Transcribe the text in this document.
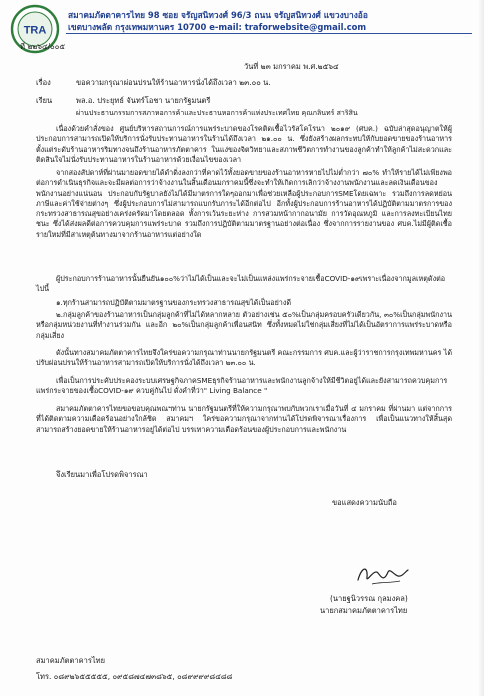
TRA
สมาคมภัตตาคารไทย 98 ซอย จรัญสนิทวงศ์ 96/3 ถนน จรัญสนิทวงศ์ แขวงบางอ้อ
เขตบางพลัด กรุงเทพมหานคร 10700 e-mail: traforwebsite@gmail.com
ที่ ๒๒๖๔/๐๐๕
วันที่ ๒๓ มกราคม พ.ศ.๒๕๖๔
เรื่อง	ขอความกรุณาผ่อนปรนให้ร้านอาหารนั่งได้ถึงเวลา ๒๓.๐๐ น.
เรียน	พล.อ. ประยุทธ์ จันทร์โอชา นายกรัฐมนตรี
ผ่านประธานกรรมการสภาหอการค้าและประธานหอการค้าแห่งประเทศไทย คุณกลินทร์ สาริสิน
เนื่องด้วยคำสั่งของ ศูนย์บริหารสถานการณ์การแพร่ระบาดของโรคติดเชื้อไวรัสโคโรนา ๒๐๑๙ (ศบค.) ฉบับล่าสุดอนุญาตให้ผู้ประกอบการสามารถเปิดให้บริการนั่งรับประทานอาหารในร้านได้ถึงเวลา ๒๑.๐๐ น. ซึ่งยังสร้างผลกระทบให้กับยอดขายของร้านอาหารตั้งแต่ระดับร้านอาหารริมทางจนถึงร้านอาหารภัตตาคาร ในแง่ของจิตวิทยาและสภาพชีวิตการทำงานของลูกค้าทำให้ลูกค้าไม่สะดวกและติดสินใจไม่นั่งรับประทานอาหารในร้านอาหารด้วยเงื่อนไขของเวลา
จากสองสัปดาห์ที่ผ่านมายอดขายได้ดำดิ่งลงกว่าที่คาดไว้ทั้งยอดขายของร้านอาหารหายไปไม่ต่ำกว่า ๗๐% ทำให้รายได้ไม่เพียงพอต่อการดำเนินธุรกิจและจะมีผลต่อการว่าจ้างงานในสิ้นเดือนมกราคมนี้ซึ่งจะทำให้เกิดการเลิกว่าจ้างงานพนักงานและลดเงินเดือนของพนักงานอย่างแน่นอน ประกอบกับรัฐบาลยังไม่ได้มีมาตรการใดๆออกมาเพื่อช่วยเหลือผู้ประกอบการSMEโดยเฉพาะ รวมถึงการลดหย่อนภาษีและค่าใช้จ่ายต่างๆ ซึ่งผู้ประกอบการไม่สามารถแบกรับภาระได้อีกต่อไป อีกทั้งผู้ประกอบการร้านอาหารได้ปฏิบัติตามมาตรการของกระทรวงสาธารณสุขอย่างเคร่งครัดมาโดยตลอด ทั้งการเว้นระยะห่าง การสวมหน้ากากอนามัย การวัดอุณหภูมิ และการลงทะเบียนไทยชนะ ซึ่งได้ส่งผลดีต่อการควบคุมการแพร่ระบาด รวมถึงการปฏิบัติตามมาตรฐานอย่างต่อเนื่อง ซึ่งจากการรายงานของ ศบค.ไม่มีผู้ติดเชื้อรายใหม่ที่มีสาเหตุต้นทางมาจากร้านอาหารแต่อย่างใด
ผู้ประกอบการร้านอาหารนั้นยืนยัน๑๐๐%ว่าไม่ได้เป็นและจะไม่เป็นแหล่งแพร่กระจายเชื้อCOVID-๑๙เพราะเนื่องจากมูลเหตุดังต่อไปนี้
๑.ทุกร้านสามารถปฏิบัติตามมาตรฐานของกระทรวงสาธารณสุขได้เป็นอย่างดี
๒.กลุ่มลูกค้าของร้านอาหารเป็นกลุ่มลูกค้าที่ไม่ได้หลากหลาย ตัวอย่างเช่น ๕๐%เป็นกลุ่มครอบครัวเดียวกัน, ๓๐%เป็นกลุ่มพนักงานหรือกลุ่มหน่วยงานที่ทำงานร่วมกัน และอีก ๒๐%เป็นกลุ่มลูกค้าเพื่อนสนิท ซึ่งทั้งหมดไม่ใช่กลุ่มเสี่ยงที่ไม่ได้เป็นอัตราการแพร่ระบาดหรือกลุ่มเสี่ยง
ดังนั้นทางสมาคมภัตตาคารไทยจึงใคร่ขอความกรุณาท่านนายกรัฐมนตรี คณะกรรมการ ศบค.และผู้ว่าราชการกรุงเทพมหานคร ได้ปรับผ่อนปรนให้ร้านอาหารสามารถเปิดให้บริการนั่งได้ถึงเวลา ๒๓.๐๐ น.
เพื่อเป็นการประคับประคองระบบเศรษฐกิจภาคSMEธุรกิจร้านอาหารและพนักงานลูกจ้างให้มีชีวิตอยู่ได้และยังสามารถควบคุมการแพร่กระจายของเชื้อCOVID-๑๙ ควบคู่กันไป ดั่งคำที่ว่า" Living Balance "
สมาคมภัตตาคารไทยขอขอบคุณพณฯท่าน นายกรัฐมนตรีที่ให้ความกรุณาพบกับพวกเราเมื่อวันที่ ๔ มกราคม ที่ผ่านมา แต่จากการที่ได้ติดตามความเดือดร้อนอย่างใกล้ชิด สมาคมฯ ใคร่ขอความกรุณาจากท่านได้โปรดพิจารณาเรื่องการ เพื่อเป็นแนวทางให้สิ้นสุด สามารถสร้างยอดขายให้ร้านอาหารอยู่ได้ต่อไป บรรเทาความเดือดร้อนของผู้ประกอบการและพนักงาน
จึงเรียนมาเพื่อโปรดพิจารณา
ขอแสดงความนับถือ
(นายฐนิวรรณ กุลมงคล)
นายกสมาคมภัตตาคารไทย
สมาคมภัตตาคารไทย
โทร. ๐๘๙๒๖๕๕๕๕๕, ๐๙๕๘๗๔๗๓๘๖๕, ๐๘๙๙๙๙๘๔๘๘
